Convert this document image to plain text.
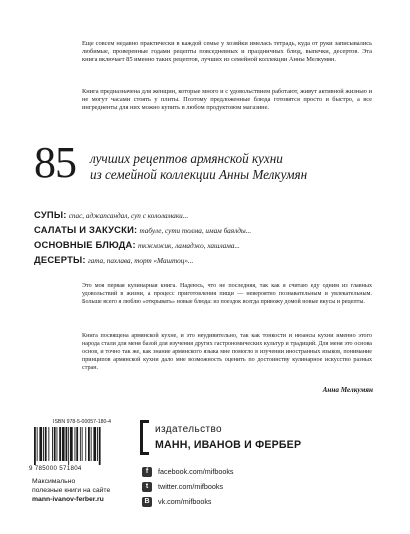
Еще совсем недавно практически в каждой семье у хозяйки имелась тетрадь, куда от руки записывались любимые, проверенные годами рецепты повседневных и праздничных блюд, выпечки, десертов. Эта книга включает 85 именно таких рецептов, лучших из семейной коллекции Анны Мелкумян.
Книга предназначена для женщин, которые много и с удовольствием работают, живут активной жизнью и не могут часами стоять у плиты. Поэтому предложенные блюда готовятся просто и быстро, а все ингредиенты для них можно купить в любом продуктовом магазине.
85 лучших рецептов армянской кухни
из семейной коллекции Анны Мелкумян
СУПЫ: спас, аджапсандал, суп с кололамаки...
САЛАТЫ И ЗАКУСКИ: табуле, сути толма, имам баялды...
ОСНОВНЫЕ БЛЮДА: ткжмжик, ламаджо, хашлама...
ДЕСЕРТЫ: гата, пахлава, торт «Маштоц»...
Это моя первая кулинарная книга. Надеюсь, что не последняя, так как я считаю еду одним из главных удовольствий в жизни, а процесс приготовления пищи — невероятно познавательным и увлекательным. Больше всего я люблю «открывать» новые блюда: из поездок всегда привожу домой новые вкусы и рецепты.
Книга посвящена армянской кухне, и это неудивительно, так как тонкости и нюансы кухни именно этого народа стали для меня базой для изучения других гастрономических культур и традиций. Для меня это основа основ, и точно так же, как знание армянского языка мне помогло в изучении иностранных языков, понимание принципов армянской кухни дало мне возможность оценить по достоинству кулинарное искусство разных стран.
Анна Мелкумян
ISBN 978-5-00057-180-4
9 785000 571804
Максимально
полезные книги на сайте
mann-ivanov-ferber.ru
издательство
МАНН, ИВАНОВ И ФЕРБЕР
f	facebook.com/mifbooks
t	twitter.com/mifbooks
B	vk.com/mifbooks
